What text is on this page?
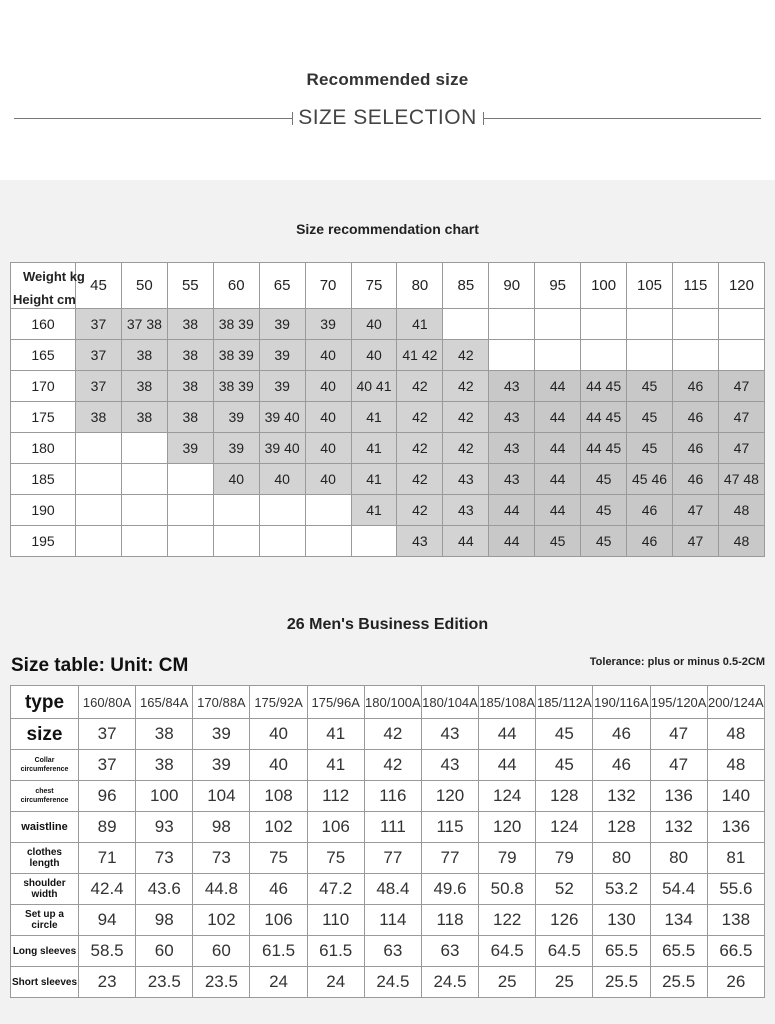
Recommended size
SIZE SELECTION
Size recommendation chart
Weight kg
Height cm	45	50	55	60	65	70	75	80	85	90	95	100	105	115	120
160	37	37 38	38	38 39	39	39	40	41							
165	37	38	38	38 39	39	40	40	41 42	42						
170	37	38	38	38 39	39	40	40 41	42	42	43	44	44 45	45	46	47
175	38	38	38	39	39 40	40	41	42	42	43	44	44 45	45	46	47
180			39	39	39 40	40	41	42	42	43	44	44 45	45	46	47
185				40	40	40	41	42	43	43	44	45	45 46	46	47 48
190							41	42	43	44	44	45	46	47	48
195								43	44	44	45	45	46	47	48
26 Men's Business Edition
Size table: Unit: CM	Tolerance: plus or minus 0.5-2CM
type	160/80A	165/84A	170/88A	175/92A	175/96A	180/100A	180/104A	185/108A	185/112A	190/116A	195/120A	200/124A
size	37	38	39	40	41	42	43	44	45	46	47	48
Collar circumference	37	38	39	40	41	42	43	44	45	46	47	48
chest circumference	96	100	104	108	112	116	120	124	128	132	136	140
waistline	89	93	98	102	106	111	115	120	124	128	132	136
clothes length	71	73	73	75	75	77	77	79	79	80	80	81
shoulder width	42.4	43.6	44.8	46	47.2	48.4	49.6	50.8	52	53.2	54.4	55.6
Set up a circle	94	98	102	106	110	114	118	122	126	130	134	138
Long sleeves	58.5	60	60	61.5	61.5	63	63	64.5	64.5	65.5	65.5	66.5
Short sleeves	23	23.5	23.5	24	24	24.5	24.5	25	25	25.5	25.5	26
